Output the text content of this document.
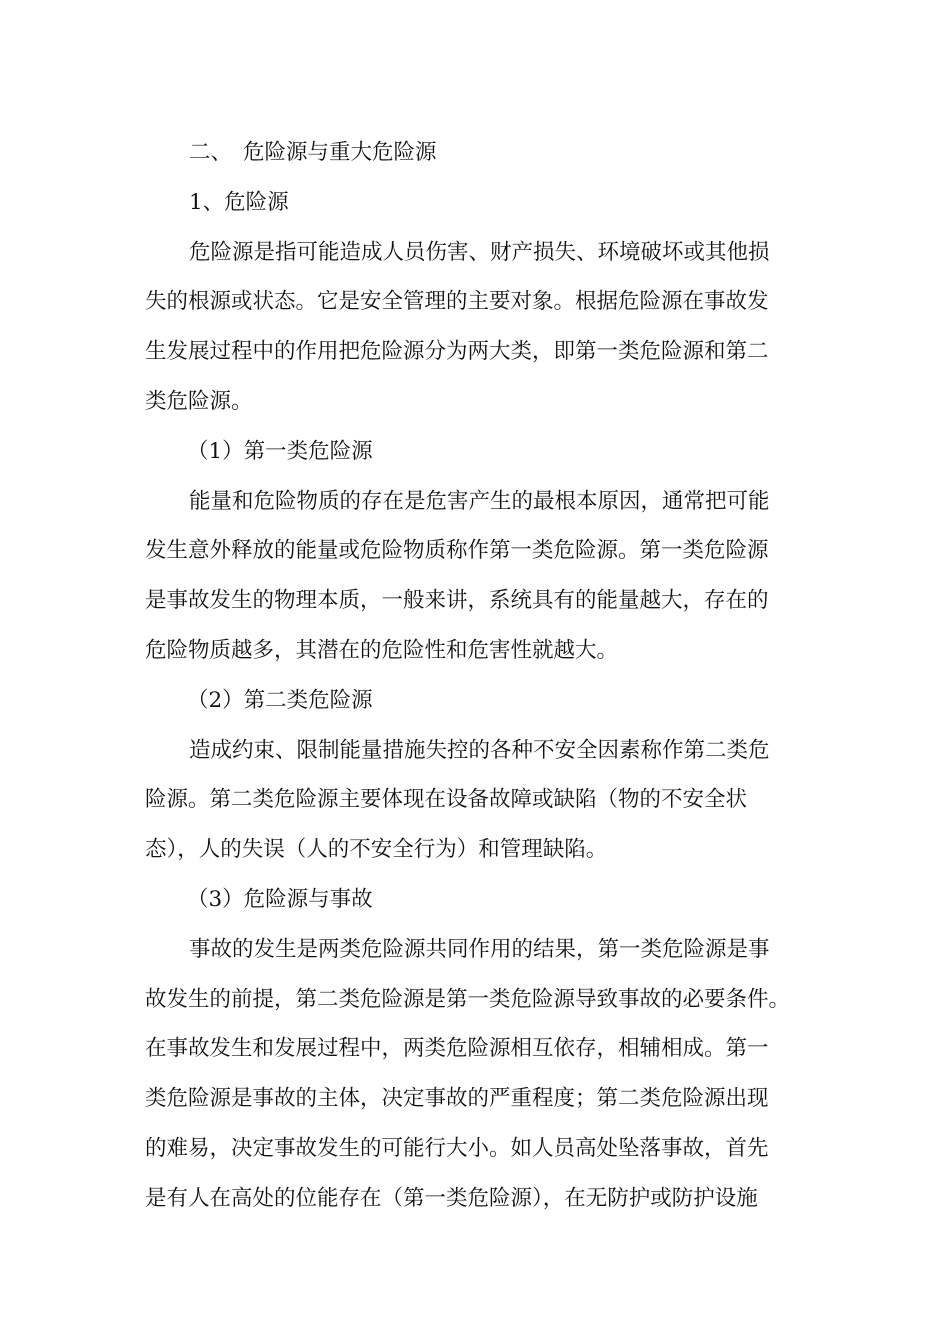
二、 危险源与重大危险源
1、危险源

危险源是指可能造成人员伤害、财产损失、环境破坏或其他损
失的根源或状态。它是安全管理的主要对象。根据危险源在事故发
生发展过程中的作用把危险源分为两大类，即第一类危险源和第二
类危险源。

（1）第一类危险源

能量和危险物质的存在是危害产生的最根本原因，通常把可能
发生意外释放的能量或危险物质称作第一类危险源。第一类危险源
是事故发生的物理本质，一般来讲，系统具有的能量越大，存在的
危险物质越多，其潜在的危险性和危害性就越大。

（2）第二类危险源

造成约束、限制能量措施失控的各种不安全因素称作第二类危
险源。第二类危险源主要体现在设备故障或缺陷（物的不安全状
态），人的失误（人的不安全行为）和管理缺陷。

（3）危险源与事故

事故的发生是两类危险源共同作用的结果，第一类危险源是事
故发生的前提，第二类危险源是第一类危险源导致事故的必要条件。
在事故发生和发展过程中，两类危险源相互依存，相辅相成。第一
类危险源是事故的主体，决定事故的严重程度；第二类危险源出现
的难易，决定事故发生的可能行大小。如人员高处坠落事故，首先
是有人在高处的位能存在（第一类危险源），在无防护或防护设施
